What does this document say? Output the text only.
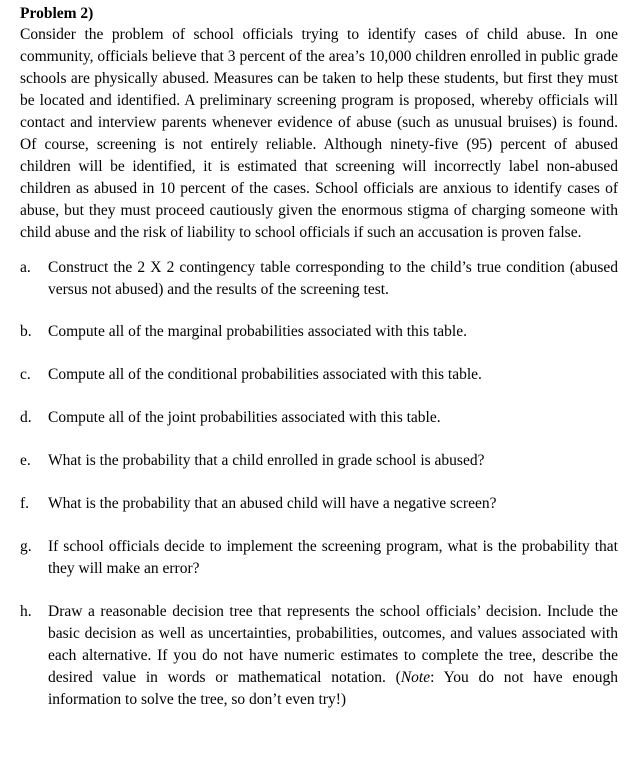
Problem 2)

Consider the problem of school officials trying to identify cases of child abuse. In one community, officials believe that 3 percent of the area’s 10,000 children enrolled in public grade schools are physically abused. Measures can be taken to help these students, but first they must be located and identified. A preliminary screening program is proposed, whereby officials will contact and interview parents whenever evidence of abuse (such as unusual bruises) is found. Of course, screening is not entirely reliable. Although ninety-five (95) percent of abused children will be identified, it is estimated that screening will incorrectly label non-abused children as abused in 10 percent of the cases. School officials are anxious to identify cases of abuse, but they must proceed cautiously given the enormous stigma of charging someone with child abuse and the risk of liability to school officials if such an accusation is proven false.

a.	Construct the 2 X 2 contingency table corresponding to the child’s true condition (abused versus not abused) and the results of the screening test.
b.	Compute all of the marginal probabilities associated with this table.
c.	Compute all of the conditional probabilities associated with this table.
d.	Compute all of the joint probabilities associated with this table.
e.	What is the probability that a child enrolled in grade school is abused?
f.	What is the probability that an abused child will have a negative screen?
g.	If school officials decide to implement the screening program, what is the probability that they will make an error?
h.	Draw a reasonable decision tree that represents the school officials’ decision. Include the basic decision as well as uncertainties, probabilities, outcomes, and values associated with each alternative. If you do not have numeric estimates to complete the tree, describe the desired value in words or mathematical notation. (Note: You do not have enough information to solve the tree, so don’t even try!)
